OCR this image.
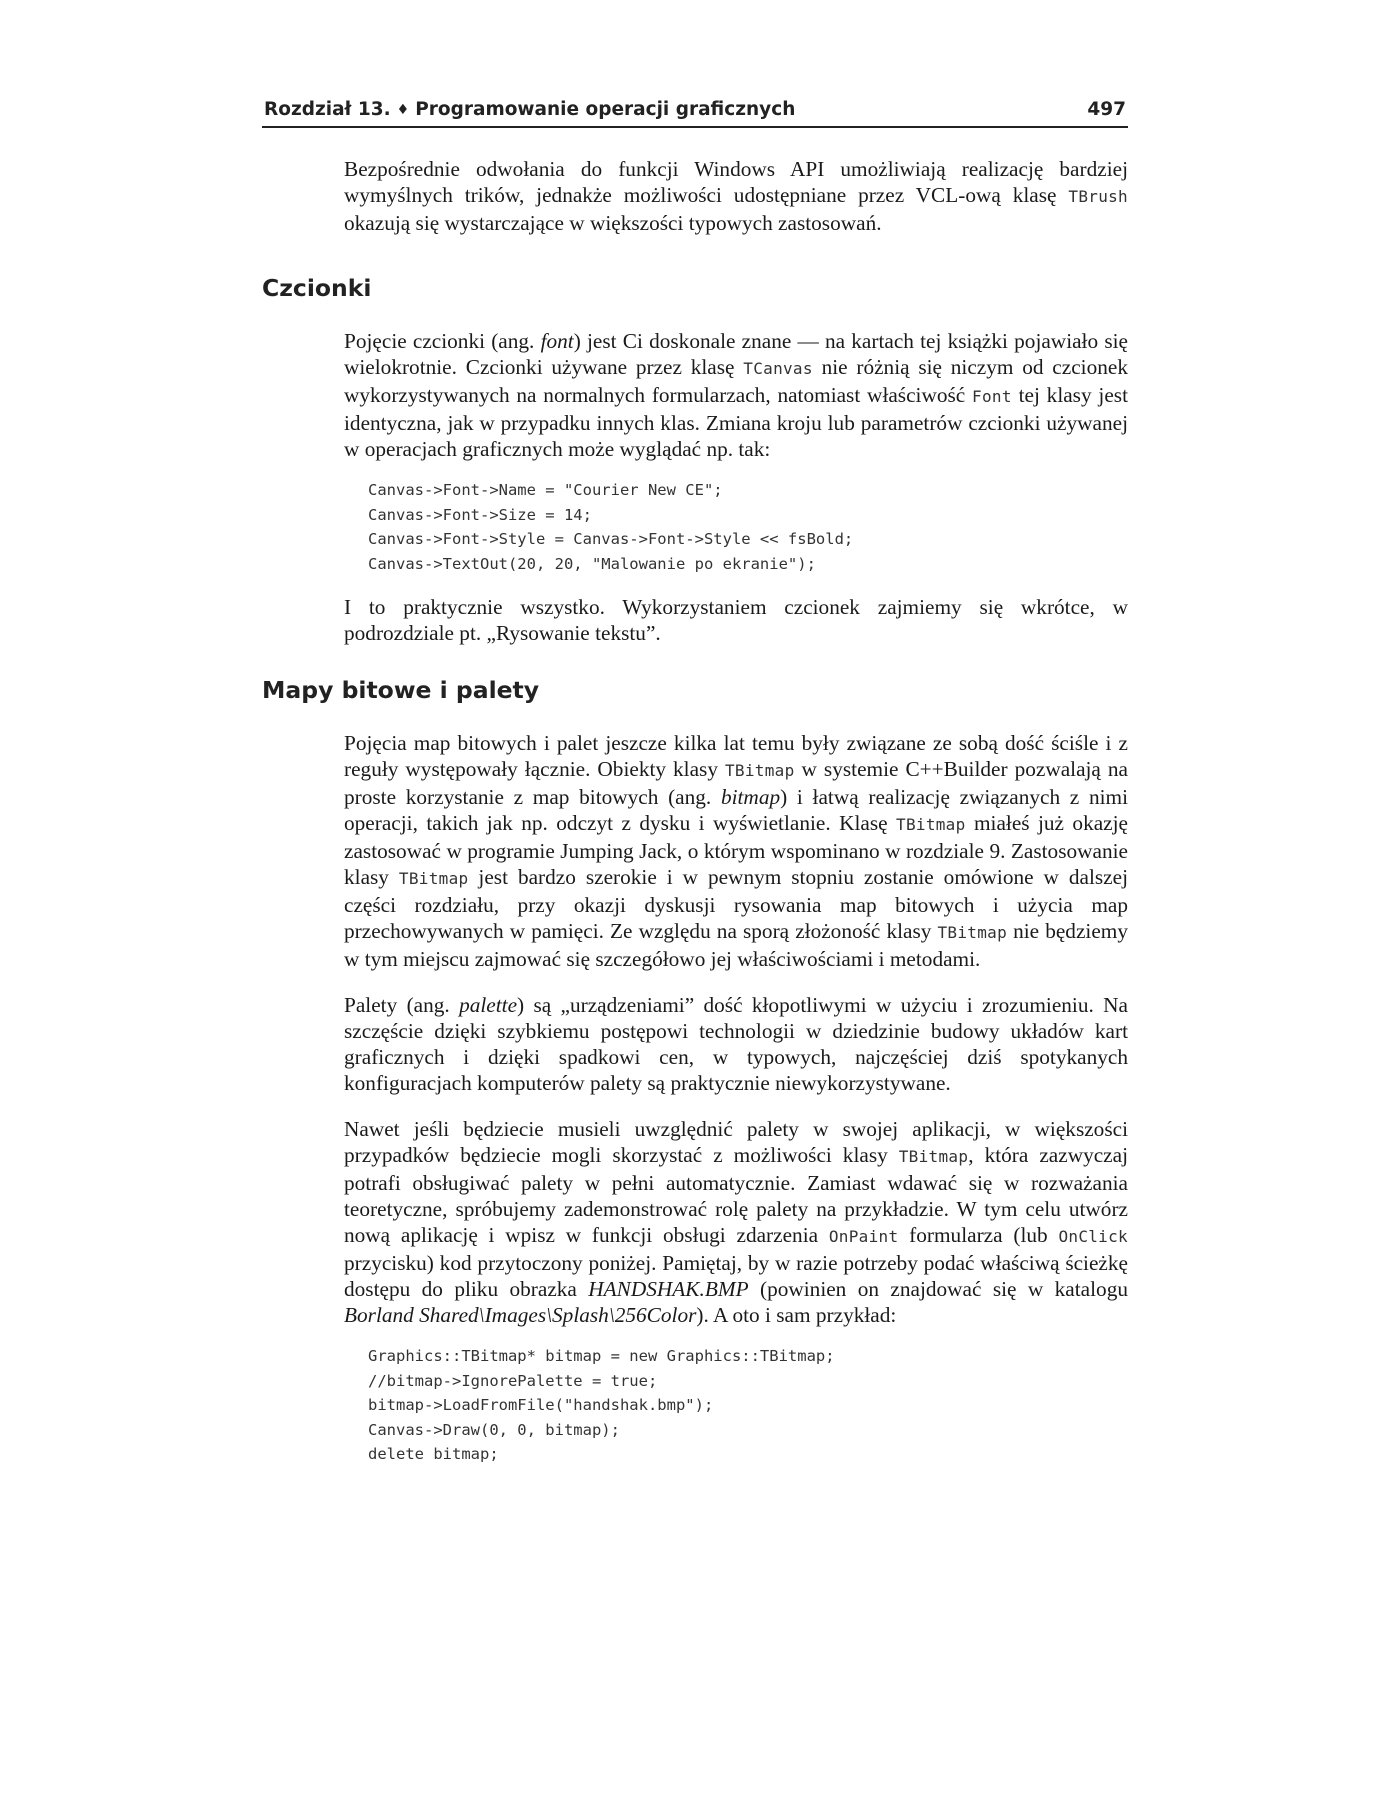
Rozdział 13. ♦ Programowanie operacji graficznych	497

Bezpośrednie odwołania do funkcji Windows API umożliwiają realizację bardziej wymyślnych trików, jednakże możliwości udostępniane przez VCL-ową klasę TBrush okazują się wystarczające w większości typowych zastosowań.

Czcionki

Pojęcie czcionki (ang. font) jest Ci doskonale znane — na kartach tej książki pojawiało się wielokrotnie. Czcionki używane przez klasę TCanvas nie różnią się niczym od czcionek wykorzystywanych na normalnych formularzach, natomiast właściwość Font tej klasy jest identyczna, jak w przypadku innych klas. Zmiana kroju lub parametrów czcionki używanej w operacjach graficznych może wyglądać np. tak:

Canvas->Font->Name = "Courier New CE";
Canvas->Font->Size = 14;
Canvas->Font->Style = Canvas->Font->Style << fsBold;
Canvas->TextOut(20, 20, "Malowanie po ekranie");

I to praktycznie wszystko. Wykorzystaniem czcionek zajmiemy się wkrótce, w podrozdziale pt. „Rysowanie tekstu”.

Mapy bitowe i palety

Pojęcia map bitowych i palet jeszcze kilka lat temu były związane ze sobą dość ściśle i z reguły występowały łącznie. Obiekty klasy TBitmap w systemie C++Builder pozwalają na proste korzystanie z map bitowych (ang. bitmap) i łatwą realizację związanych z nimi operacji, takich jak np. odczyt z dysku i wyświetlanie. Klasę TBitmap miałeś już okazję zastosować w programie Jumping Jack, o którym wspominano w rozdziale 9. Zastosowanie klasy TBitmap jest bardzo szerokie i w pewnym stopniu zostanie omówione w dalszej części rozdziału, przy okazji dyskusji rysowania map bitowych i użycia map przechowywanych w pamięci. Ze względu na sporą złożoność klasy TBitmap nie będziemy w tym miejscu zajmować się szczegółowo jej właściwościami i metodami.

Palety (ang. palette) są „urządzeniami” dość kłopotliwymi w użyciu i zrozumieniu. Na szczęście dzięki szybkiemu postępowi technologii w dziedzinie budowy układów kart graficznych i dzięki spadkowi cen, w typowych, najczęściej dziś spotykanych konfiguracjach komputerów palety są praktycznie niewykorzystywane.

Nawet jeśli będziecie musieli uwzględnić palety w swojej aplikacji, w większości przypadków będziecie mogli skorzystać z możliwości klasy TBitmap, która zazwyczaj potrafi obsługiwać palety w pełni automatycznie. Zamiast wdawać się w rozważania teoretyczne, spróbujemy zademonstrować rolę palety na przykładzie. W tym celu utwórz nową aplikację i wpisz w funkcji obsługi zdarzenia OnPaint formularza (lub OnClick przycisku) kod przytoczony poniżej. Pamiętaj, by w razie potrzeby podać właściwą ścieżkę dostępu do pliku obrazka HANDSHAK.BMP (powinien on znajdować się w katalogu Borland Shared\Images\Splash\256Color). A oto i sam przykład:

Graphics::TBitmap* bitmap = new Graphics::TBitmap;
//bitmap->IgnorePalette = true;
bitmap->LoadFromFile("handshak.bmp");
Canvas->Draw(0, 0, bitmap);
delete bitmap;
